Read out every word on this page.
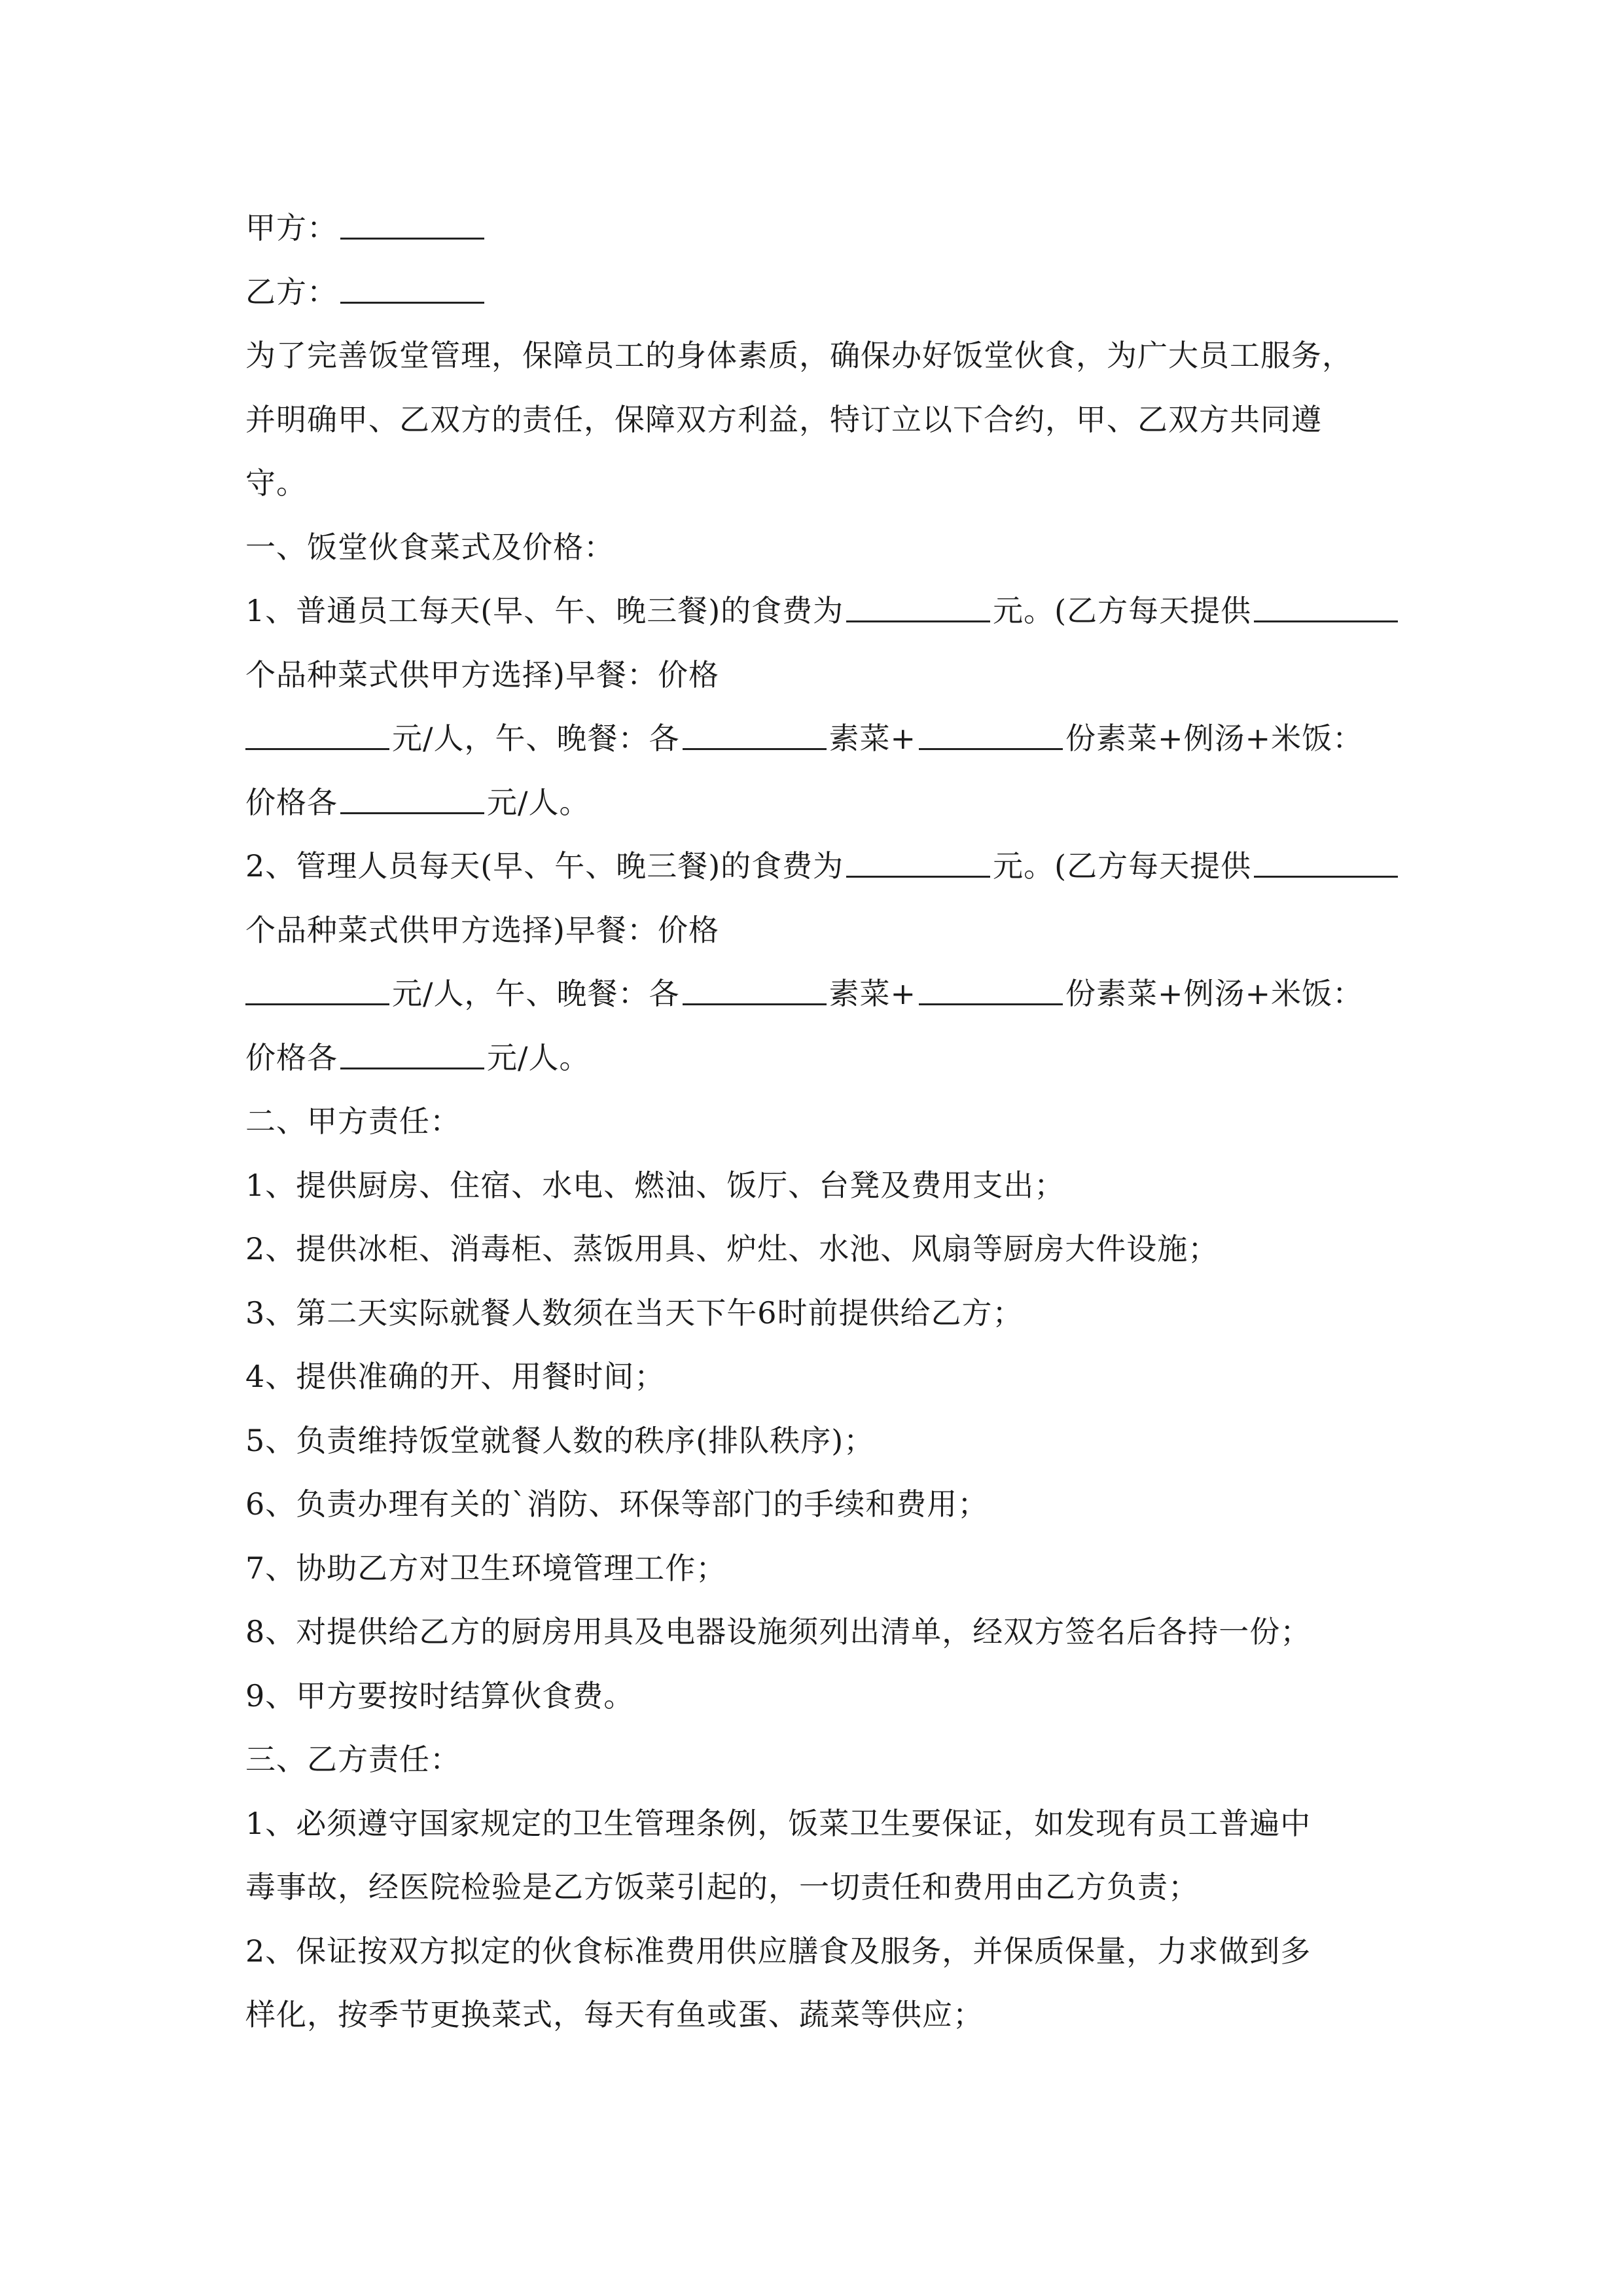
甲方：
乙方：
为了完善饭堂管理，保障员工的身体素质，确保办好饭堂伙食，为广大员工服务，
并明确甲、乙双方的责任，保障双方利益，特订立以下合约，甲、乙双方共同遵
守。
一、饭堂伙食菜式及价格：
1、普通员工每天(早、午、晚三餐)的食费为	元。(乙方每天提供
个品种菜式供甲方选择)早餐：价格
元/人，午、晚餐：各	素菜+	份素菜+例汤+米饭：
价格各	元/人。
2、管理人员每天(早、午、晚三餐)的食费为	元。(乙方每天提供
个品种菜式供甲方选择)早餐：价格
元/人，午、晚餐：各	素菜+	份素菜+例汤+米饭：
价格各	元/人。
二、甲方责任：
1、提供厨房、住宿、水电、燃油、饭厅、台凳及费用支出；
2、提供冰柜、消毒柜、蒸饭用具、炉灶、水池、风扇等厨房大件设施；
3、第二天实际就餐人数须在当天下午6时前提供给乙方；
4、提供准确的开、用餐时间；
5、负责维持饭堂就餐人数的秩序(排队秩序)；
6、负责办理有关的`消防、环保等部门的手续和费用；
7、协助乙方对卫生环境管理工作；
8、对提供给乙方的厨房用具及电器设施须列出清单，经双方签名后各持一份；
9、甲方要按时结算伙食费。
三、乙方责任：
1、必须遵守国家规定的卫生管理条例，饭菜卫生要保证，如发现有员工普遍中
毒事故，经医院检验是乙方饭菜引起的，一切责任和费用由乙方负责；
2、保证按双方拟定的伙食标准费用供应膳食及服务，并保质保量，力求做到多
样化，按季节更换菜式，每天有鱼或蛋、蔬菜等供应；
